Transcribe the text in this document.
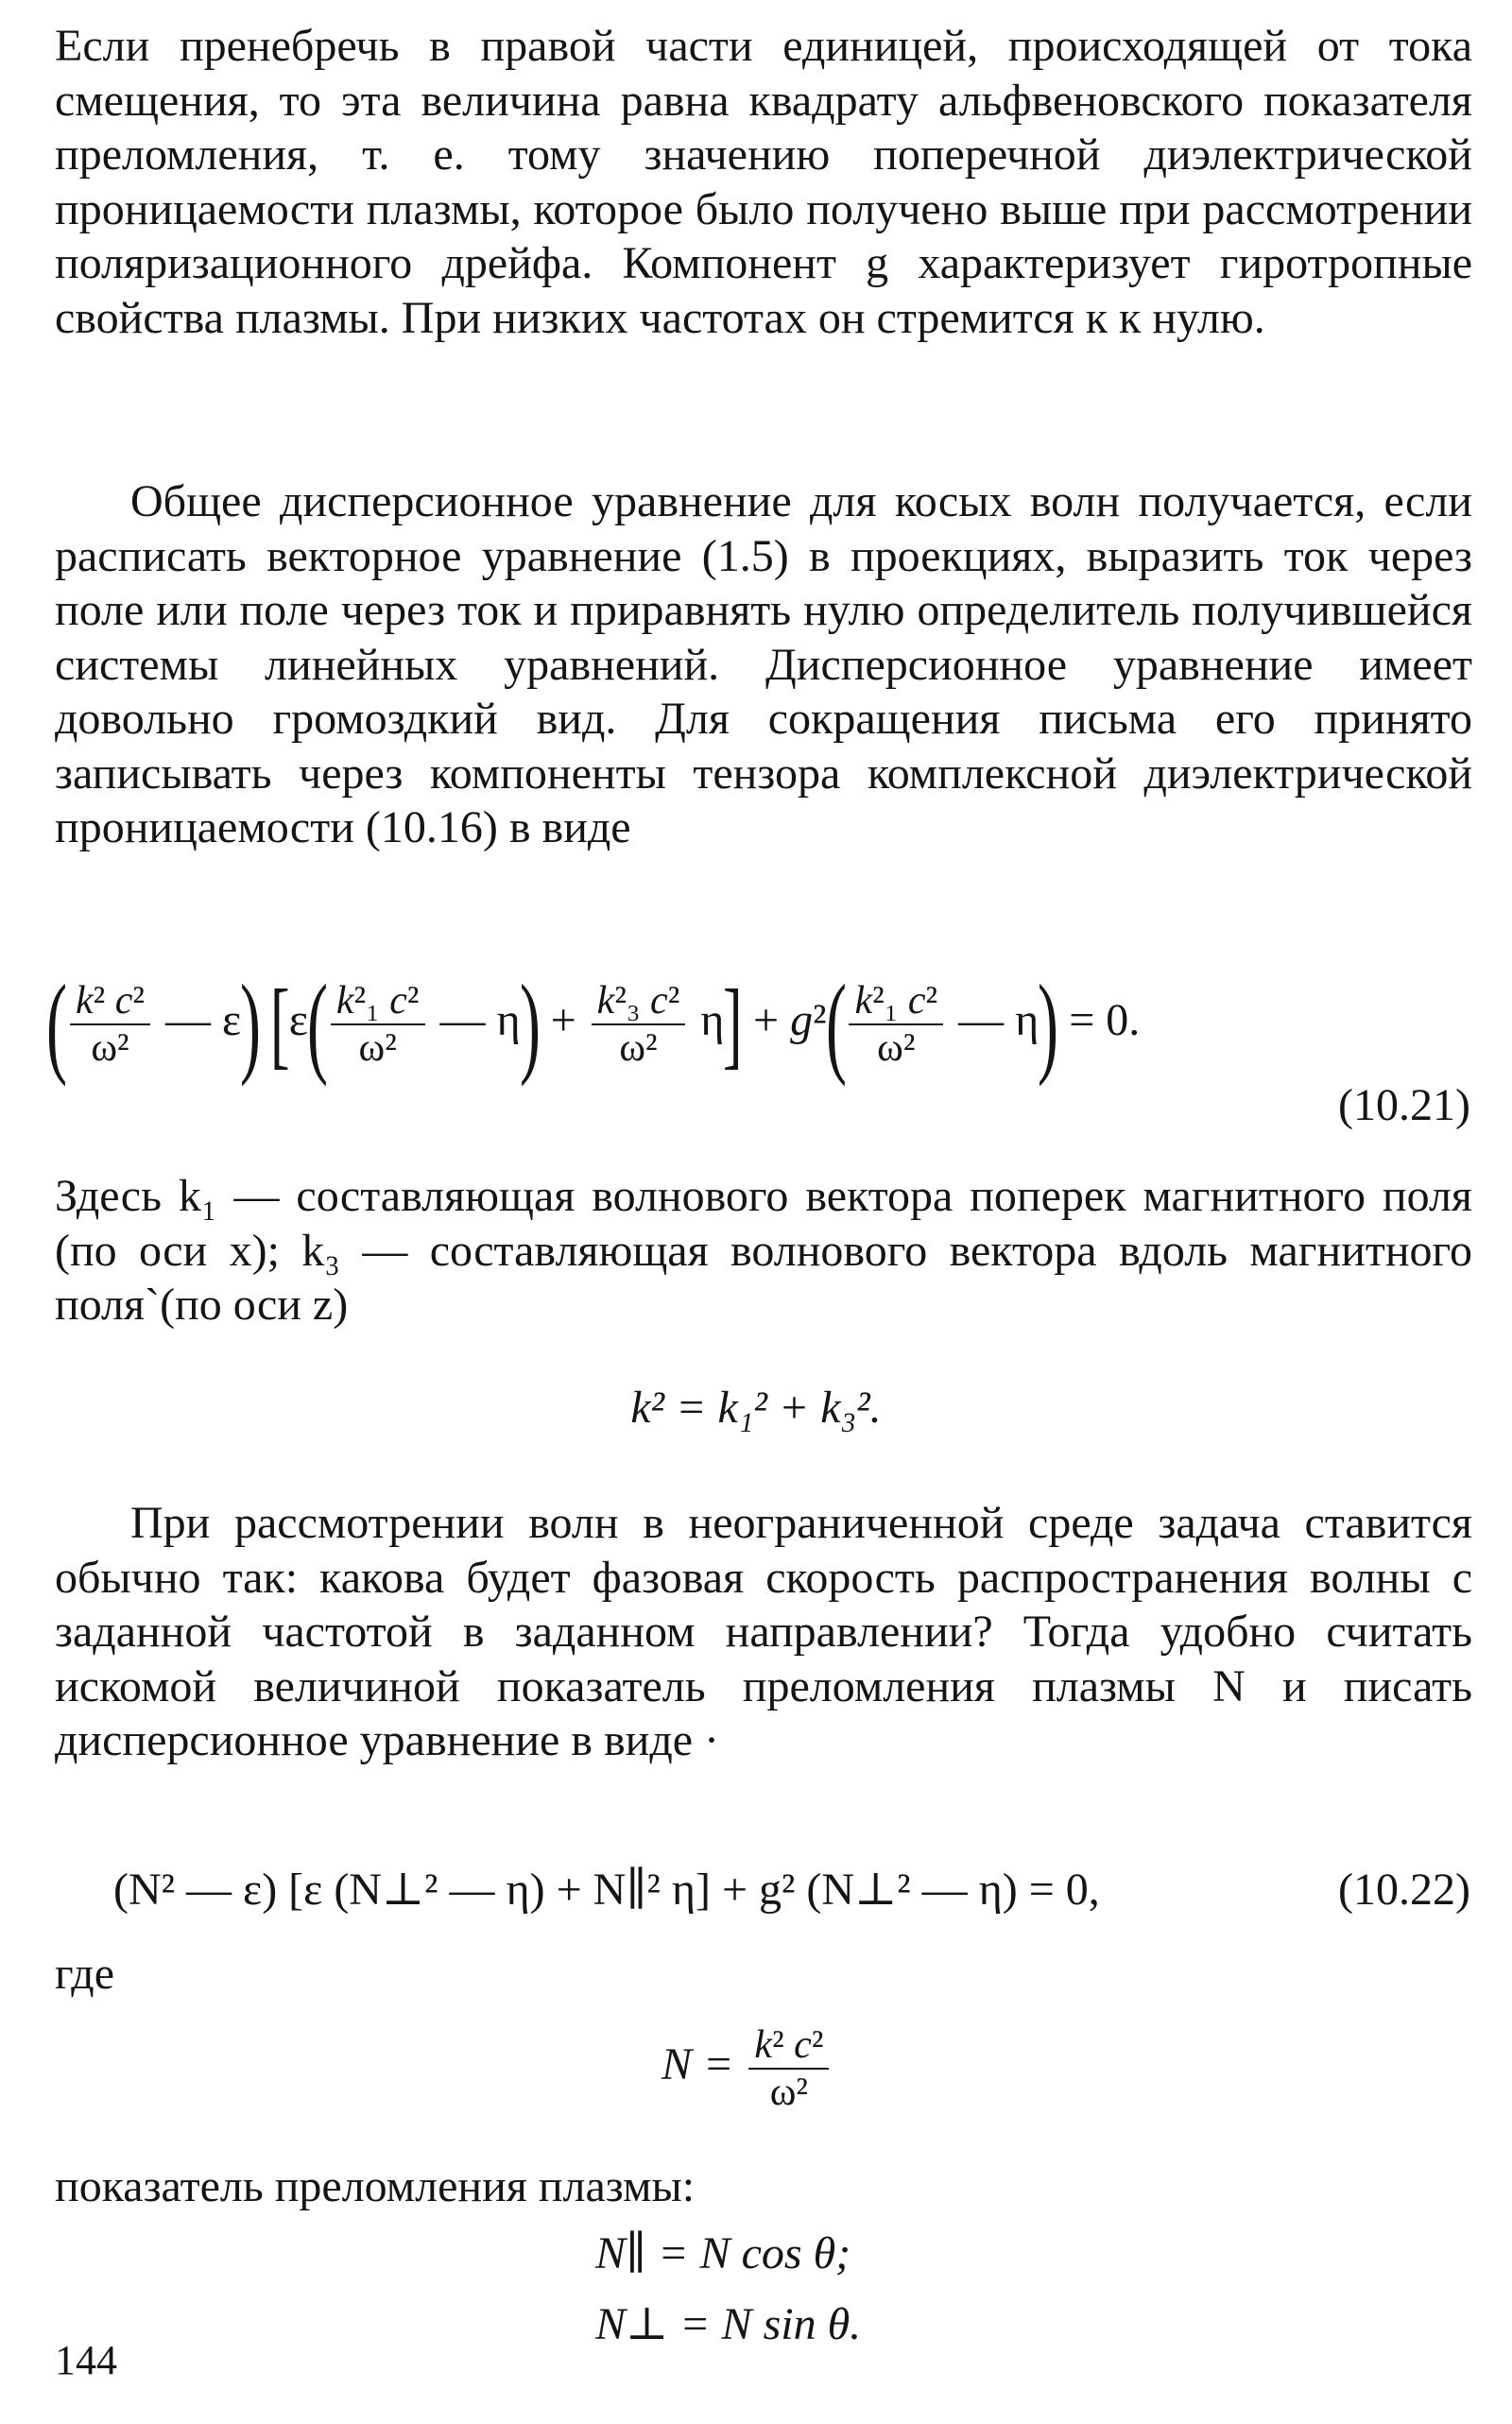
Если пренебречь в правой части единицей, происходящей от тока смещения, то эта величина равна квадрату альфвеновского показателя преломления, т. е. тому значению поперечной диэлектрической проницаемости плазмы, которое было получено выше при рассмотрении поляризационного дрейфа. Компонент g характеризует гиротропные свойства плазмы. При низких частотах он стремится к к нулю.

Общее дисперсионное уравнение для косых волн получается, если расписать векторное уравнение (1.5) в проекциях, выразить ток через поле или поле через ток и приравнять нулю определитель получившейся системы линейных уравнений. Дисперсионное уравнение имеет довольно громоздкий вид. Для сокращения письма его принято записывать через компоненты тензора комплексной диэлектрической проницаемости (10.16) в виде

( $\frac{\text{k² c²}}{\text{ω²}}$ — ε) [$\varepsilon( \frac{\text{k²₁ c²}}{\text{ω²}}$ — $\eta) + \frac{\text{k²₃ c²}}{\text{ω²}} \eta] + g^2( \frac{\text{k²₁ c²}}{\text{ω²}}$ — η) = 0.
(10.21)

Здесь k₁ — составляющая волнового вектора поперек магнитного поля (по оси x); k₃ — составляющая волнового вектора вдоль магнитного поля`(по оси z)

k² = k₁² + k₃².

При рассмотрении волн в неограниченной среде задача ставится обычно так: какова будет фазовая скорость распространения волны с заданной частотой в заданном направлении? Тогда удобно считать искомой величиной показатель преломления плазмы N и писать дисперсионное уравнение в виде ·

(N² — ε) [ε (N⊥² — η) + N∥² η] + g² (N⊥² — η) = 0,	(10.22)

где

$N = \frac{\text{k² c²}}{\text{ω²}}$

показатель преломления плазмы:

N∥ = N cos θ;
N⊥ = N sin θ.
144
